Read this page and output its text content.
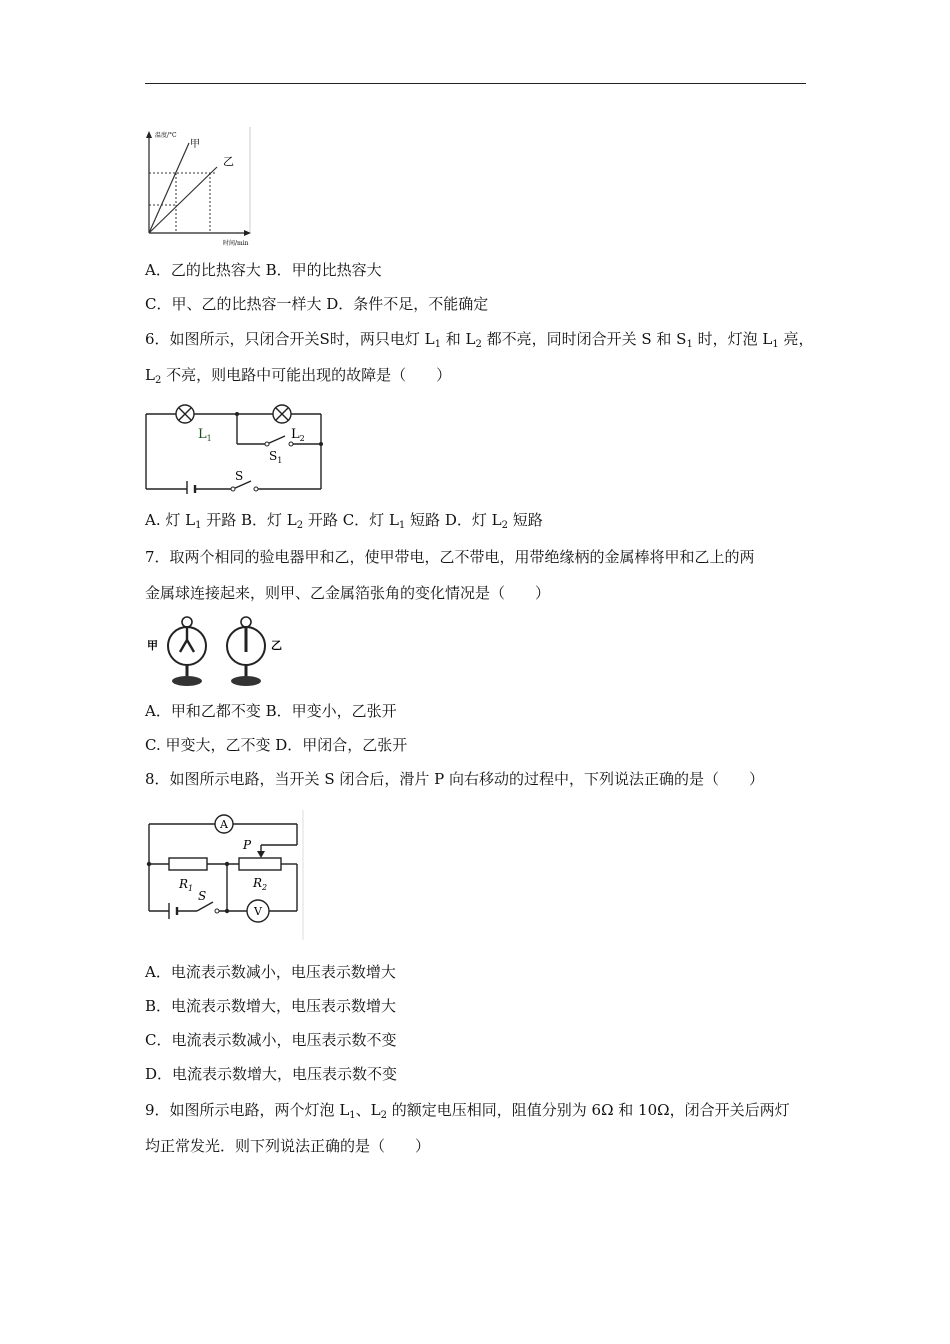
温度/°C
甲
乙
时间/min
A．乙的比热容大 B．甲的比热容大
C．甲、乙的比热容一样大 D．条件不足，不能确定
6．如图所示，只闭合开关S时，两只电灯 $L_1$ 和 $L_2$ 都不亮，同时闭合开关 S 和 $S_1$ 时，灯泡 $L_1$ 亮，
$L_2$ 不亮，则电路中可能出现的故障是（　　）
$L_1$	$L_2$
$S_1$
S
A. 灯 $L_1$ 开路 B．灯 $L_2$ 开路 C．灯 $L_1$ 短路 D．灯 $L_2$ 短路
7．取两个相同的验电器甲和乙，使甲带电，乙不带电，用带绝缘柄的金属棒将甲和乙上的两
金属球连接起来，则甲、乙金属箔张角的变化情况是（　　）
甲	乙
A．甲和乙都不变 B．甲变小，乙张开
C. 甲变大，乙不变 D．甲闭合，乙张开
8．如图所示电路，当开关 S 闭合后，滑片 P 向右移动的过程中，下列说法正确的是（　　）
A
V
P
$R_1$	$R_2$
S
A．电流表示数减小，电压表示数增大
B．电流表示数增大，电压表示数增大
C．电流表示数减小，电压表示数不变
D．电流表示数增大，电压表示数不变
9．如图所示电路，两个灯泡 $L_1$、$L_2$ 的额定电压相同，阻值分别为 6Ω 和 10Ω，闭合开关后两灯
均正常发光．则下列说法正确的是（　　）
